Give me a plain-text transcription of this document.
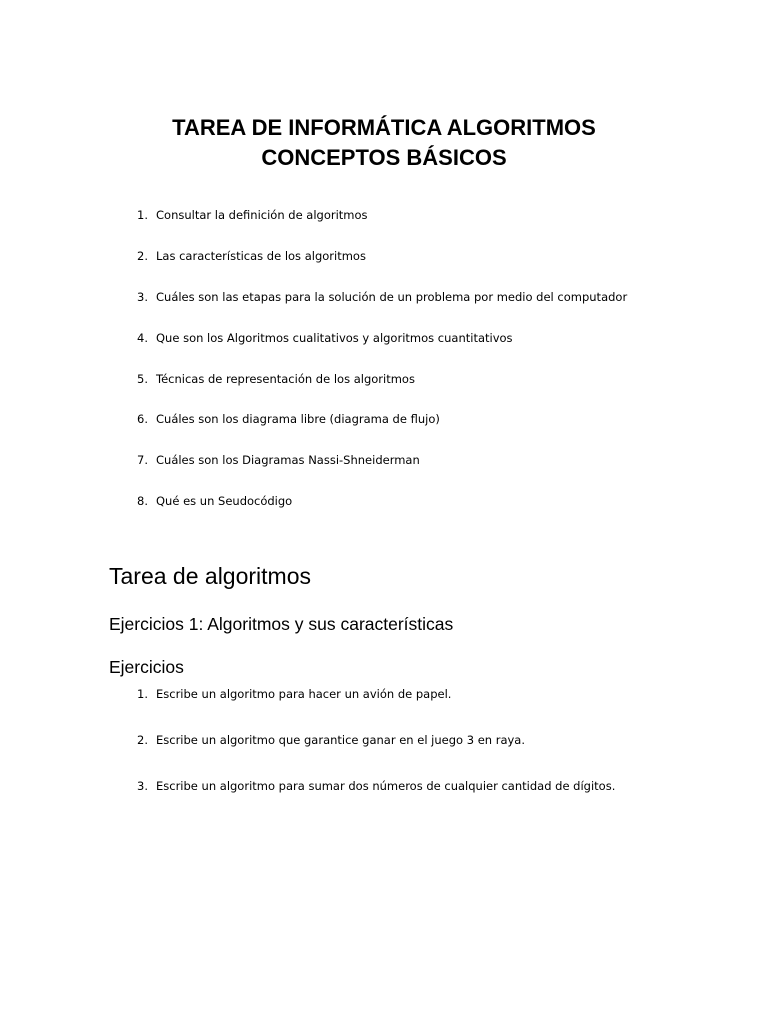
TAREA DE INFORMÁTICA ALGORITMOS
CONCEPTOS BÁSICOS
1. Consultar la definición de algoritmos
2. Las características de los algoritmos
3. Cuáles son las etapas para la solución de un problema por medio del computador
4. Que son los Algoritmos cualitativos y algoritmos cuantitativos
5. Técnicas de representación de los algoritmos
6. Cuáles son los diagrama libre (diagrama de flujo)
7. Cuáles son los Diagramas Nassi-Shneiderman
8. Qué es un Seudocódigo
Tarea de algoritmos
Ejercicios 1: Algoritmos y sus características
Ejercicios
1. Escribe un algoritmo para hacer un avión de papel.
2. Escribe un algoritmo que garantice ganar en el juego 3 en raya.
3. Escribe un algoritmo para sumar dos números de cualquier cantidad de dígitos.
